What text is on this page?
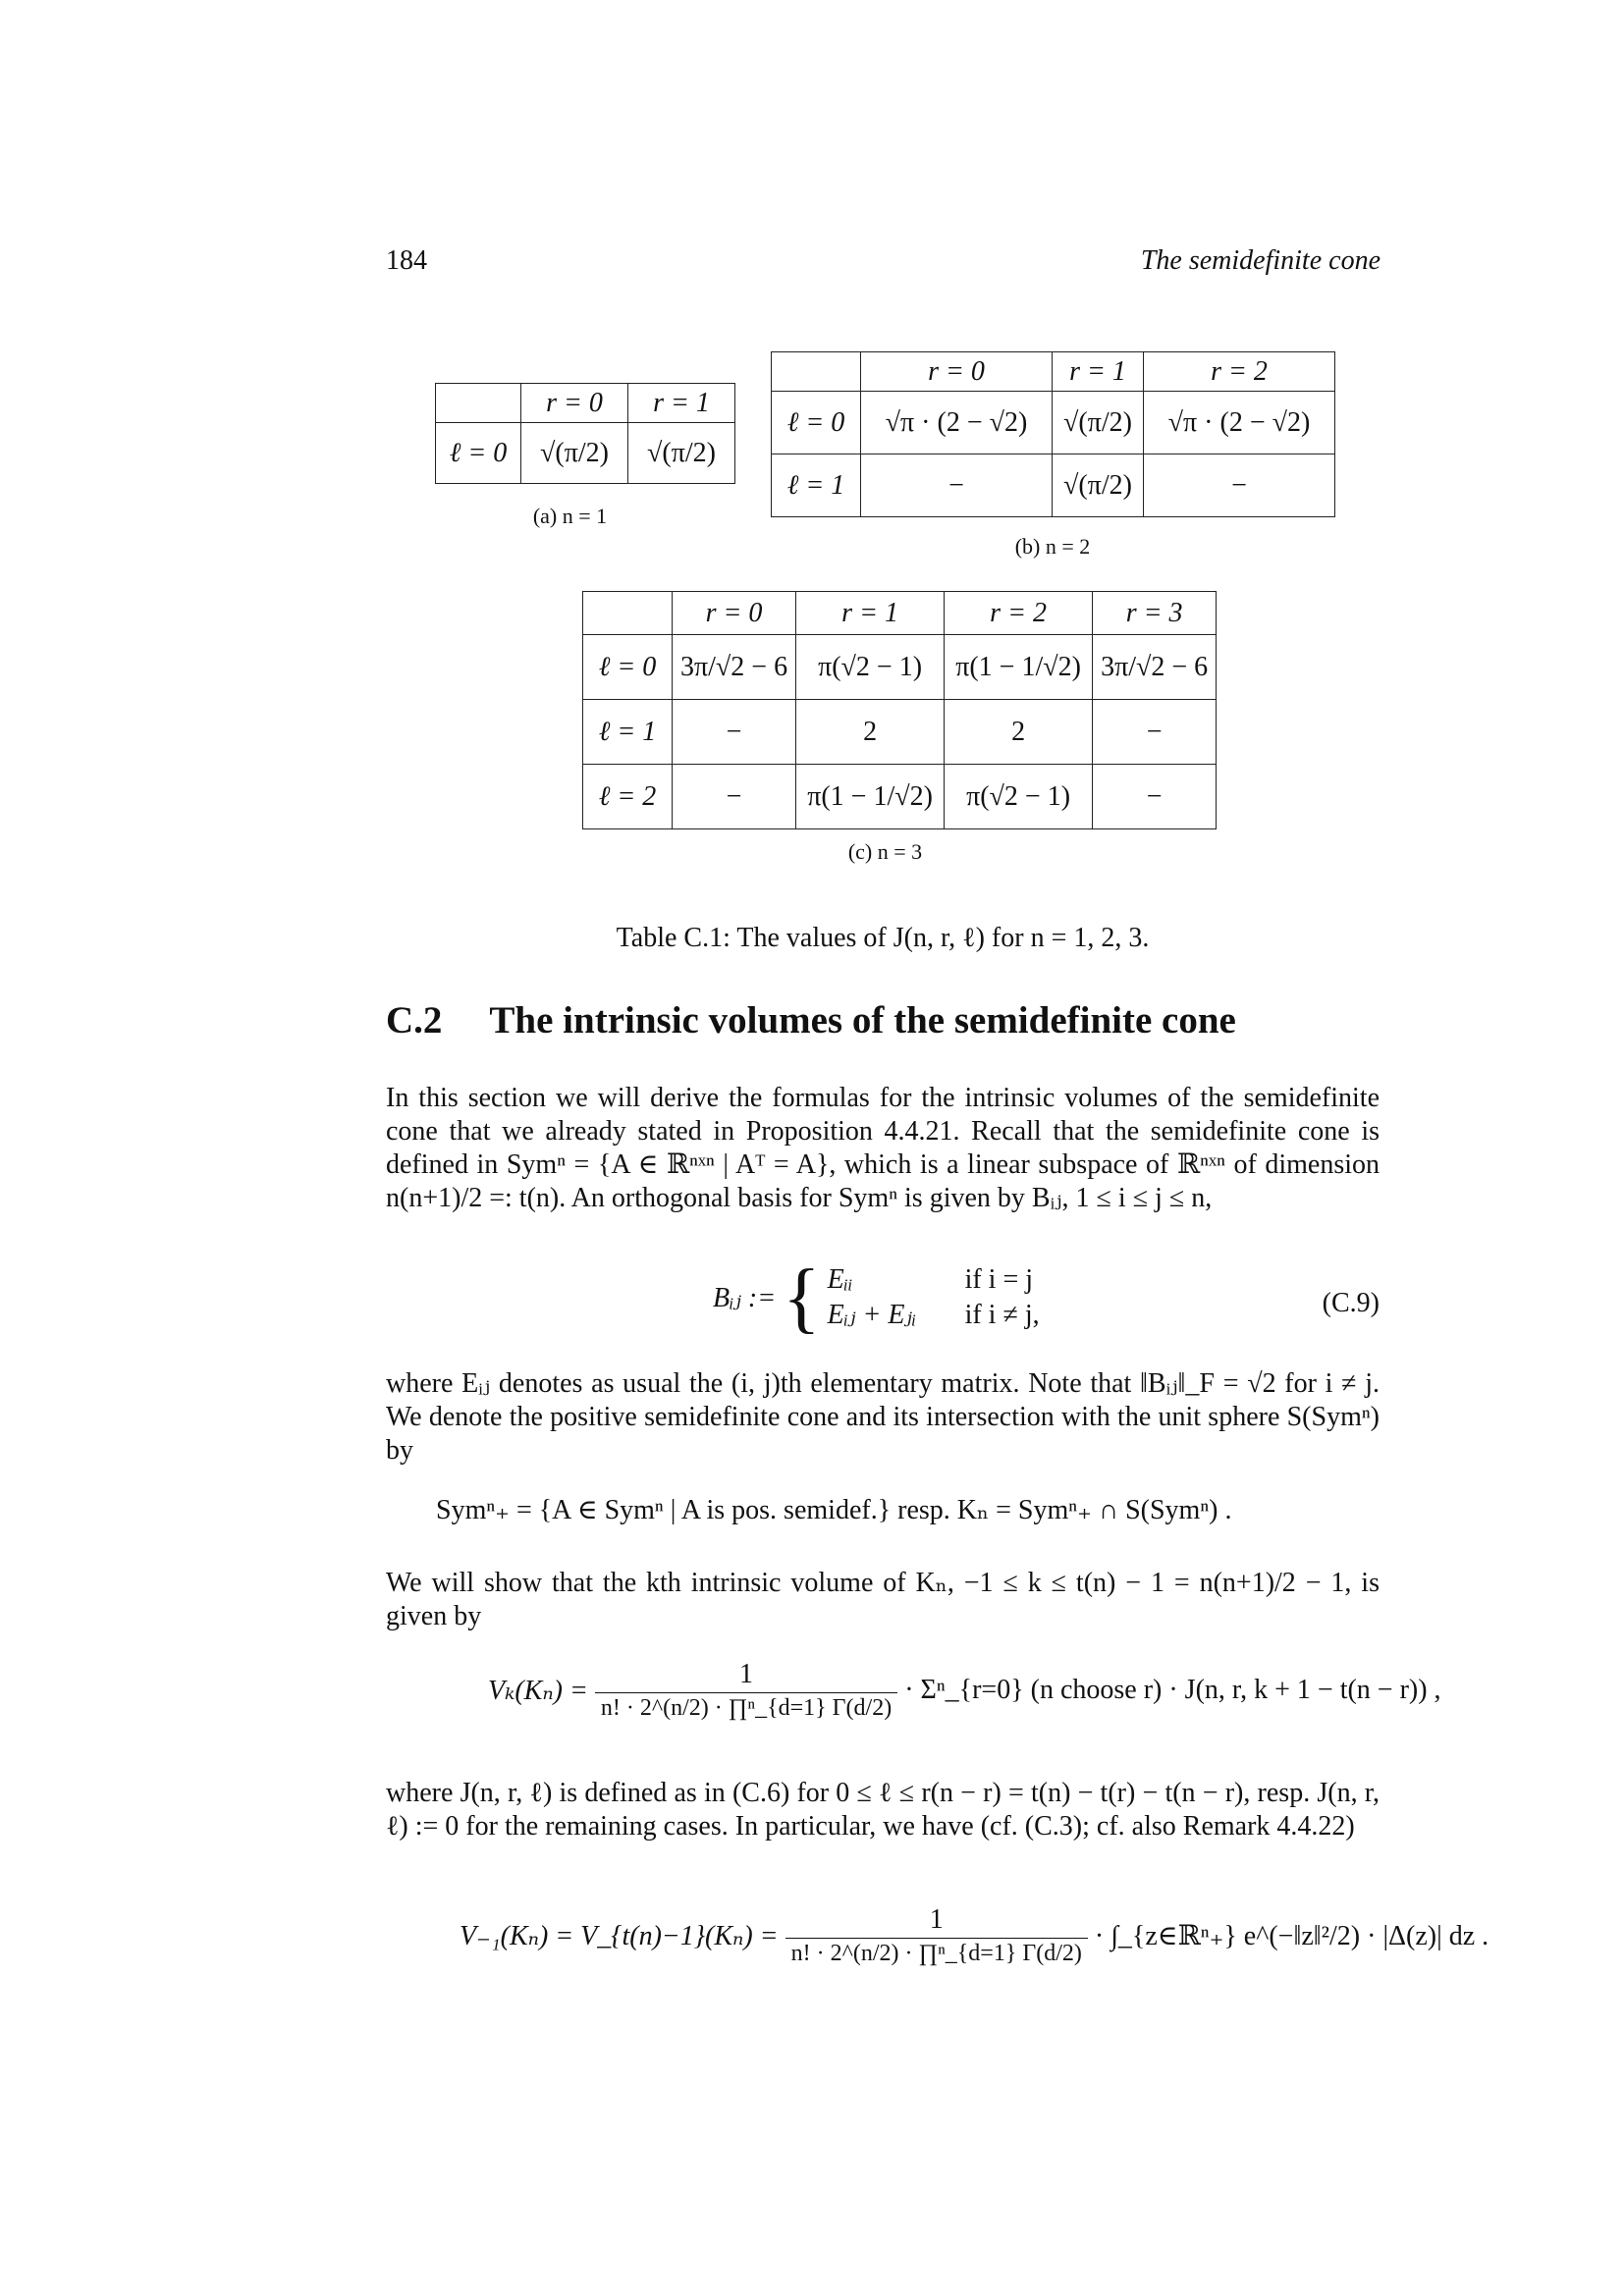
184	The semidefinite cone
	r = 0	r = 1
ℓ = 0	√(π/2)	√(π/2)
(a) n = 1
	r = 0	r = 1	r = 2
ℓ = 0	√π · (2 − √2)	√(π/2)	√π · (2 − √2)
ℓ = 1	−	√(π/2)	−
(b) n = 2
	r = 0	r = 1	r = 2	r = 3
ℓ = 0	3π/√2 − 6	π(√2 − 1)	π(1 − 1/√2)	3π/√2 − 6
ℓ = 1	−	2	2	−
ℓ = 2	−	π(1 − 1/√2)	π(√2 − 1)	−
(c) n = 3
Table C.1: The values of J(n, r, ℓ) for n = 1, 2, 3.
C.2 The intrinsic volumes of the semidefinite cone

In this section we will derive the formulas for the intrinsic volumes of the semidefinite cone that we already stated in Proposition 4.4.21. Recall that the semidefinite cone is defined in Symⁿ = {A ∈ ℝⁿˣⁿ | Aᵀ = A}, which is a linear subspace of ℝⁿˣⁿ of dimension n(n+1)/2 =: t(n). An orthogonal basis for Symⁿ is given by Bᵢⱼ, 1 ≤ i ≤ j ≤ n,

Bᵢⱼ := { Eᵢᵢ	if i = j
Eᵢⱼ + Eⱼᵢ if i ≠ j,	(C.9)

where Eᵢⱼ denotes as usual the (i, j)th elementary matrix. Note that ‖Bᵢⱼ‖_F = √2 for i ≠ j. We denote the positive semidefinite cone and its intersection with the unit sphere S(Symⁿ) by

Symⁿ₊ = {A ∈ Symⁿ | A is pos. semidef.} resp. Kₙ = Symⁿ₊ ∩ S(Symⁿ) .

We will show that the kth intrinsic volume of Kₙ, −1 ≤ k ≤ t(n) − 1 = n(n+1)/2 − 1, is given by

$V_k(K_n) = \frac{1}{\text{n! · 2\textasciicircum{}(n/2) · ∏ⁿ\_\{d=1\} Γ(d/2)}}$ · Σⁿ_{r=0} (n choose r) · J(n, r, k + 1 − t(n − r)) ,

where J(n, r, ℓ) is defined as in (C.6) for 0 ≤ ℓ ≤ r(n − r) = t(n) − t(r) − t(n − r), resp. J(n, r, ℓ) := 0 for the remaining cases. In particular, we have (cf. (C.3); cf. also Remark 4.4.22)

V₋₁(Kₙ) = V_{t(n)−1}(Kₙ) = $\frac{1}{\text{n! · 2\textasciicircum{}(n/2) · ∏ⁿ\_\{d=1\} Γ(d/2)}}$ · ∫_{z∈ℝⁿ₊} e^(−‖z‖²/2) · |Δ(z)| dz .
